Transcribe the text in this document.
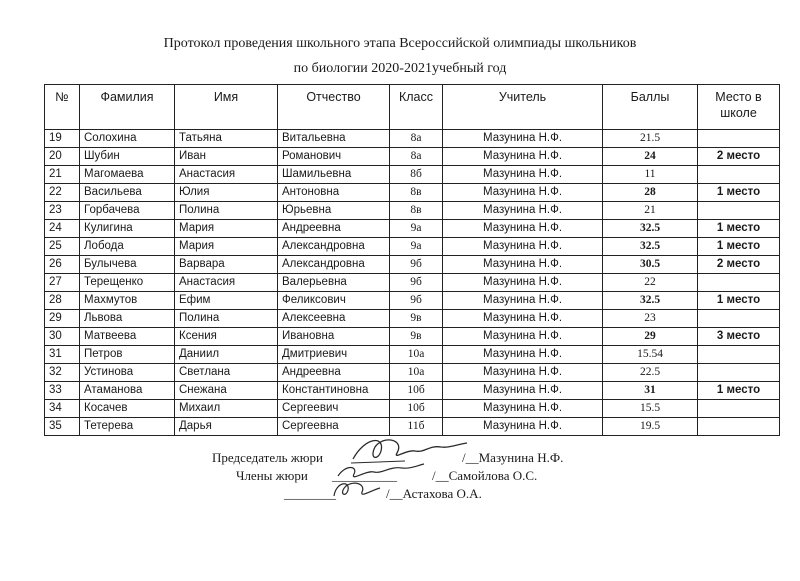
Протокол проведения школьного этапа Всероссийской олимпиады школьников
по биологии 2020-2021учебный год
№	Фамилия	Имя	Отчество	Класс	Учитель	Баллы	Место в школе
19	Солохина	Татьяна	Витальевна	8а	Мазунина Н.Ф.	21.5	
20	Шубин	Иван	Романович	8а	Мазунина Н.Ф.	24	2 место
21	Магомаева	Анастасия	Шамильевна	8б	Мазунина Н.Ф.	11	
22	Васильева	Юлия	Антоновна	8в	Мазунина Н.Ф.	28	1 место
23	Горбачева	Полина	Юрьевна	8в	Мазунина Н.Ф.	21	
24	Кулигина	Мария	Андреевна	9а	Мазунина Н.Ф.	32.5	1 место
25	Лобода	Мария	Александровна	9а	Мазунина Н.Ф.	32.5	1 место
26	Булычева	Варвара	Александровна	9б	Мазунина Н.Ф.	30.5	2 место
27	Терещенко	Анастасия	Валерьевна	9б	Мазунина Н.Ф.	22	
28	Махмутов	Ефим	Феликсович	9б	Мазунина Н.Ф.	32.5	1 место
29	Львова	Полина	Алексеевна	9в	Мазунина Н.Ф.	23	
30	Матвеева	Ксения	Ивановна	9в	Мазунина Н.Ф.	29	3 место
31	Петров	Даниил	Дмитриевич	10а	Мазунина Н.Ф.	15.54	
32	Устинова	Светлана	Андреевна	10а	Мазунина Н.Ф.	22.5	
33	Атаманова	Снежана	Константиновна	10б	Мазунина Н.Ф.	31	1 место
34	Косачев	Михаил	Сергеевич	10б	Мазунина Н.Ф.	15.5	
35	Тетерева	Дарья	Сергеевна	11б	Мазунина Н.Ф.	19.5	
Председатель жюри	/__Мазунина Н.Ф.
Члены жюри __________	/__Самойлова О.С.
________	/__Астахова О.А.
